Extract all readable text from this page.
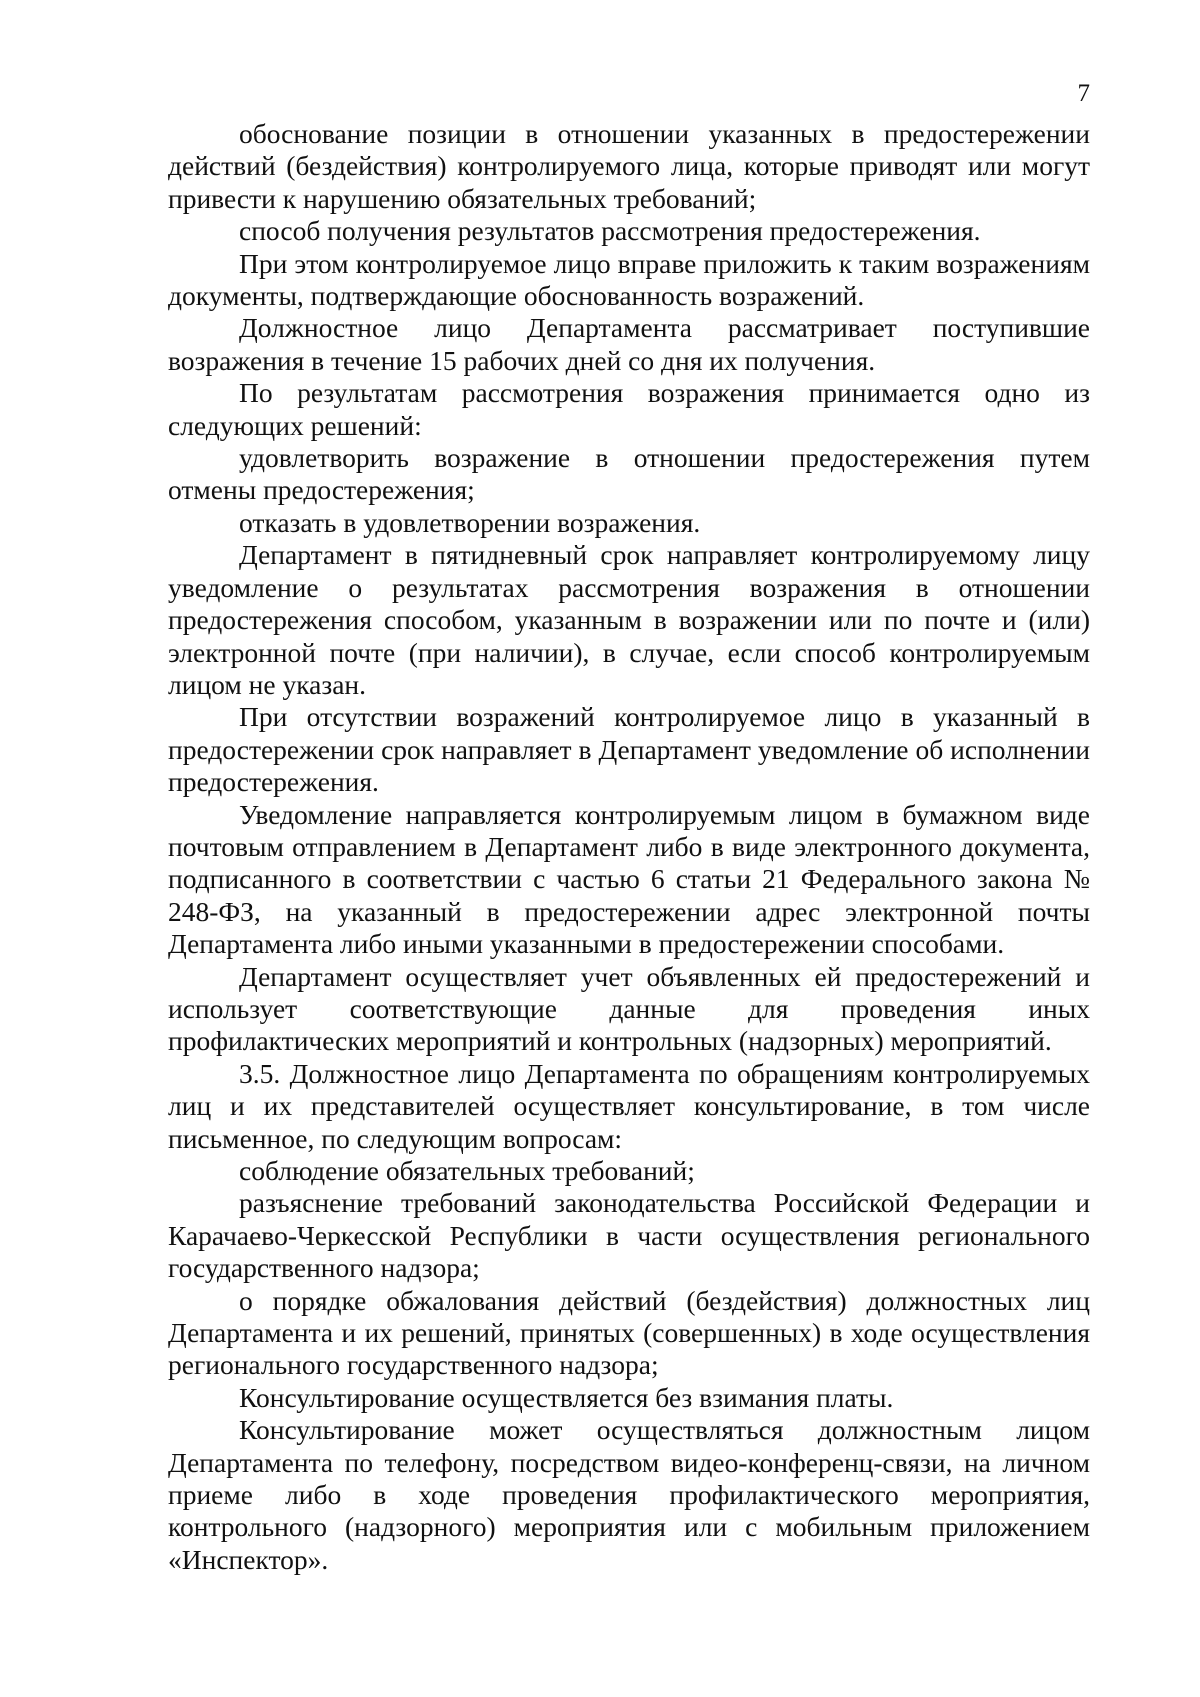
7

обоснование позиции в отношении указанных в предостережении действий (бездействия) контролируемого лица, которые приводят или могут привести к нарушению обязательных требований;

способ получения результатов рассмотрения предостережения.

При этом контролируемое лицо вправе приложить к таким возражениям документы, подтверждающие обоснованность возражений.

Должностное лицо Департамента рассматривает поступившие возражения в течение 15 рабочих дней со дня их получения.

По результатам рассмотрения возражения принимается одно из следующих решений:

удовлетворить возражение в отношении предостережения путем отмены предостережения;

отказать в удовлетворении возражения.

Департамент в пятидневный срок направляет контролируемому лицу уведомление о результатах рассмотрения возражения в отношении предостережения способом, указанным в возражении или по почте и (или) электронной почте (при наличии), в случае, если способ контролируемым лицом не указан.

При отсутствии возражений контролируемое лицо в указанный в предостережении срок направляет в Департамент уведомление об исполнении предостережения.

Уведомление направляется контролируемым лицом в бумажном виде почтовым отправлением в Департамент либо в виде электронного документа, подписанного в соответствии с частью 6 статьи 21 Федерального закона № 248-ФЗ, на указанный в предостережении адрес электронной почты Департамента либо иными указанными в предостережении способами.

Департамент осуществляет учет объявленных ей предостережений и использует соответствующие данные для проведения иных профилактических мероприятий и контрольных (надзорных) мероприятий.

3.5. Должностное лицо Департамента по обращениям контролируемых лиц и их представителей осуществляет консультирование, в том числе письменное, по следующим вопросам:

соблюдение обязательных требований;

разъяснение требований законодательства Российской Федерации и Карачаево-Черкесской Республики в части осуществления регионального государственного надзора;

о порядке обжалования действий (бездействия) должностных лиц Департамента и их решений, принятых (совершенных) в ходе осуществления регионального государственного надзора;

Консультирование осуществляется без взимания платы.

Консультирование может осуществляться должностным лицом Департамента по телефону, посредством видео-конференц-связи, на личном приеме либо в ходе проведения профилактического мероприятия, контрольного (надзорного) мероприятия или с мобильным приложением «Инспектор».
